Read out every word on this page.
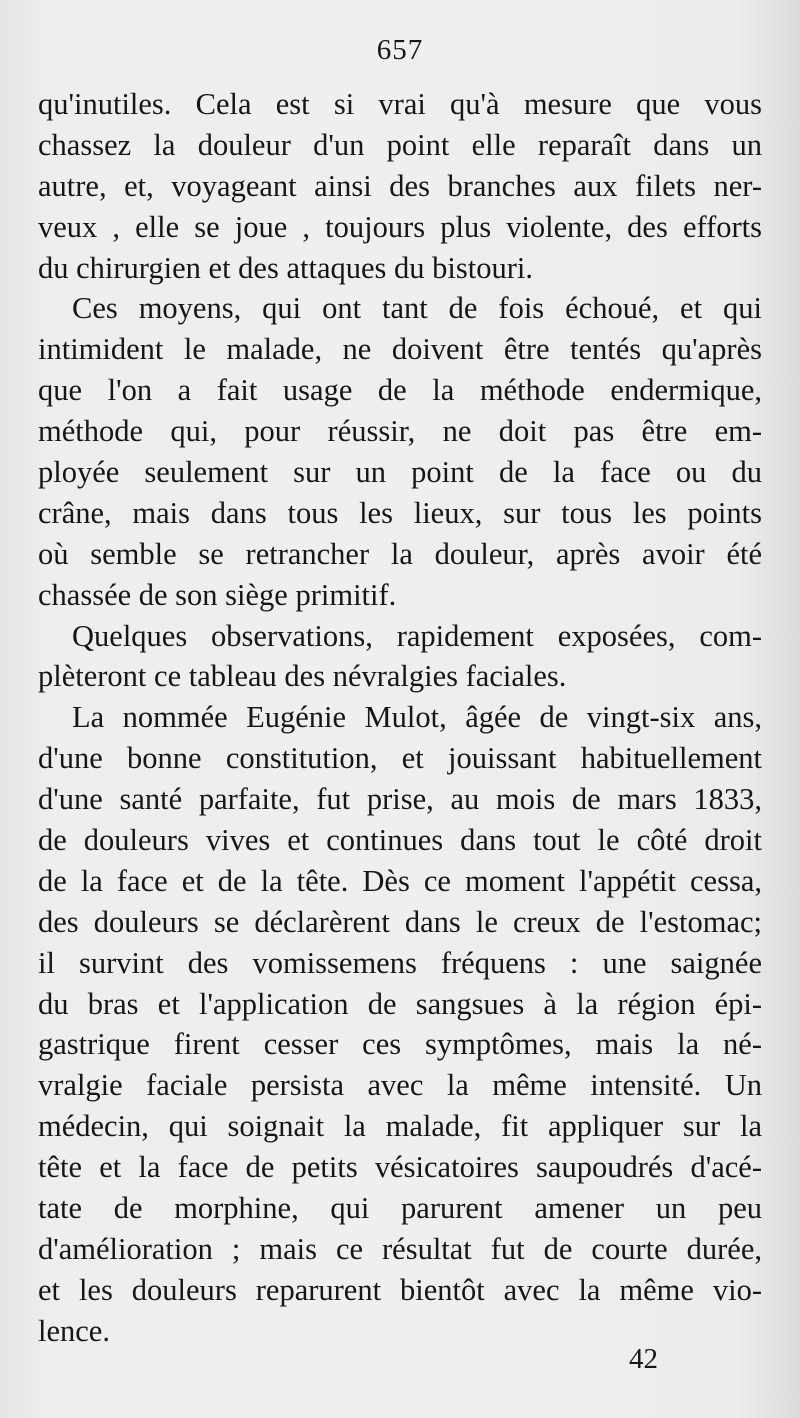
657
qu'inutiles. Cela est si vrai qu'à mesure que vous
chassez la douleur d'un point elle reparaît dans un
autre, et, voyageant ainsi des branches aux filets ner-
veux , elle se joue , toujours plus violente, des efforts
du chirurgien et des attaques du bistouri.
Ces moyens, qui ont tant de fois échoué, et qui
intimident le malade, ne doivent être tentés qu'après
que l'on a fait usage de la méthode endermique,
méthode qui, pour réussir, ne doit pas être em-
ployée seulement sur un point de la face ou du
crâne, mais dans tous les lieux, sur tous les points
où semble se retrancher la douleur, après avoir été
chassée de son siège primitif.
Quelques observations, rapidement exposées, com-
plèteront ce tableau des névralgies faciales.
La nommée Eugénie Mulot, âgée de vingt-six ans,
d'une bonne constitution, et jouissant habituellement
d'une santé parfaite, fut prise, au mois de mars 1833,
de douleurs vives et continues dans tout le côté droit
de la face et de la tête. Dès ce moment l'appétit cessa,
des douleurs se déclarèrent dans le creux de l'estomac;
il survint des vomissemens fréquens : une saignée
du bras et l'application de sangsues à la région épi-
gastrique firent cesser ces symptômes, mais la né-
vralgie faciale persista avec la même intensité. Un
médecin, qui soignait la malade, fit appliquer sur la
tête et la face de petits vésicatoires saupoudrés d'acé-
tate de morphine, qui parurent amener un peu
d'amélioration ; mais ce résultat fut de courte durée,
et les douleurs reparurent bientôt avec la même vio-
lence.
42
